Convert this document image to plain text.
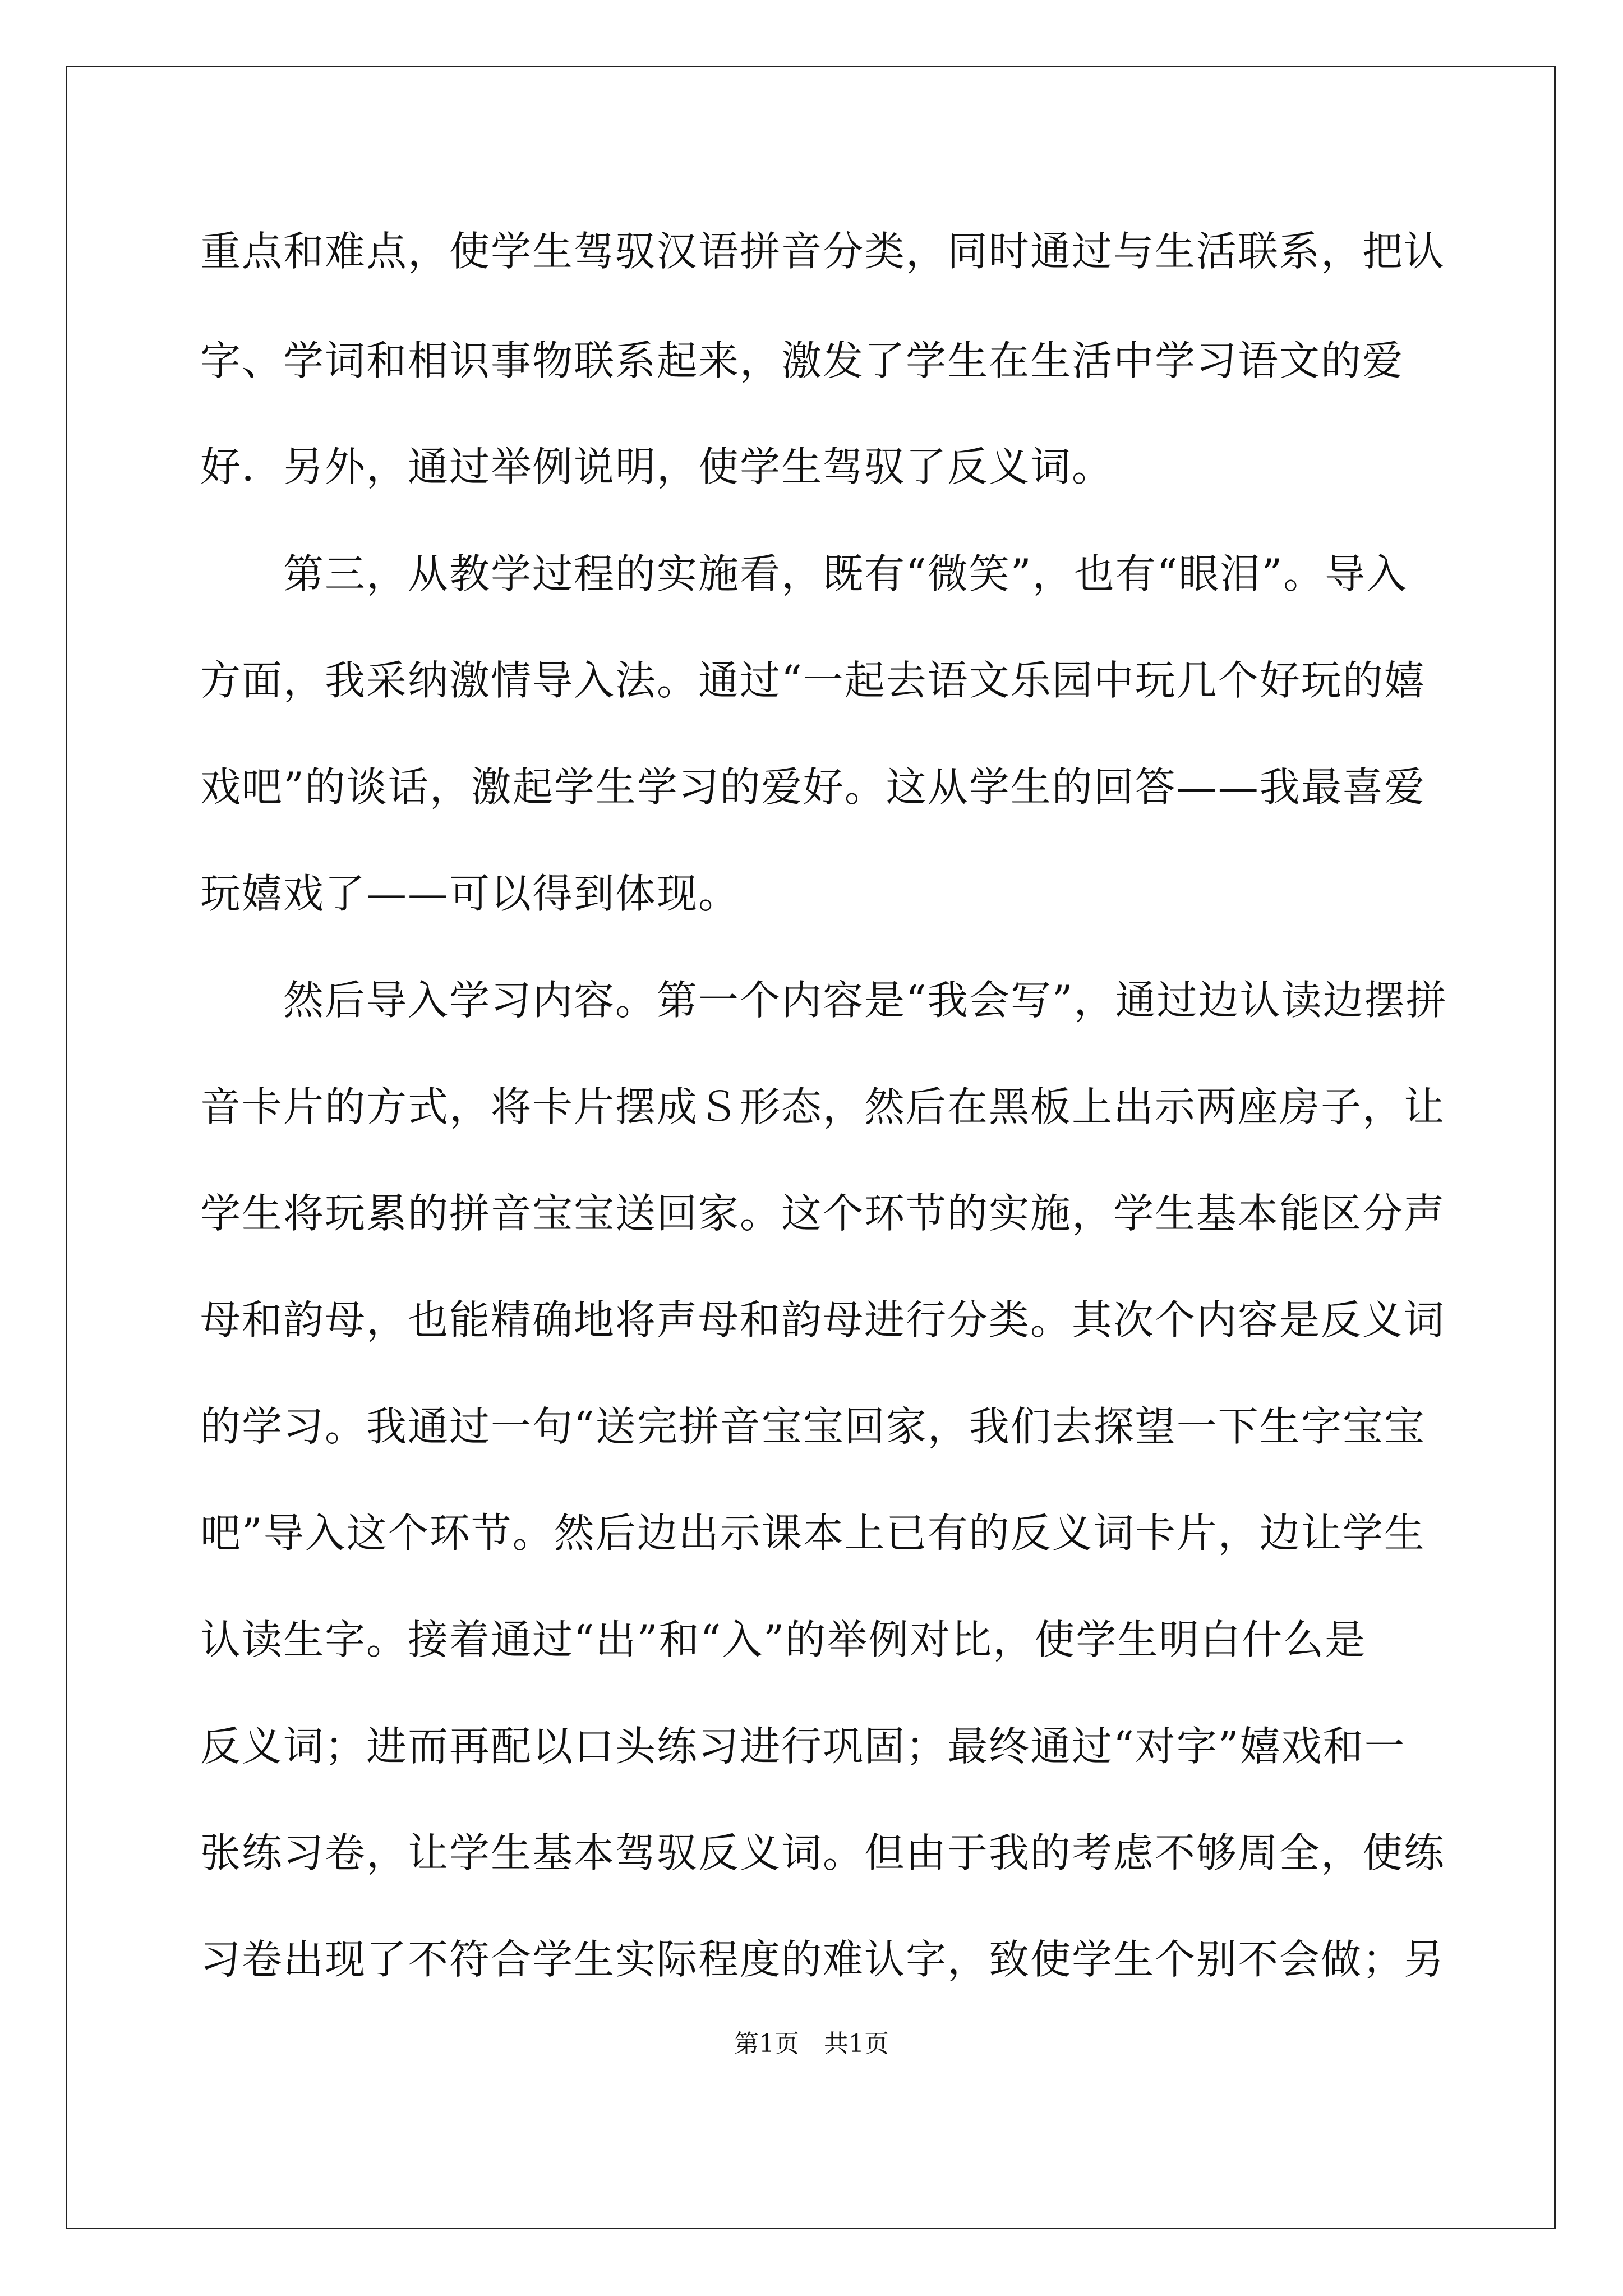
重点和难点，使学生驾驭汉语拼音分类，同时通过与生活联系，把认
字、学词和相识事物联系起来，激发了学生在生活中学习语文的爱
好．另外，通过举例说明，使学生驾驭了反义词。
　　第三，从教学过程的实施看，既有“微笑”，也有“眼泪”。导入
方面，我采纳激情导入法。通过“一起去语文乐园中玩几个好玩的嬉
戏吧”的谈话，激起学生学习的爱好。这从学生的回答——我最喜爱
玩嬉戏了——可以得到体现。
　　然后导入学习内容。第一个内容是“我会写”，通过边认读边摆拼
音卡片的方式，将卡片摆成Ｓ形态，然后在黑板上出示两座房子，让
学生将玩累的拼音宝宝送回家。这个环节的实施，学生基本能区分声
母和韵母，也能精确地将声母和韵母进行分类。其次个内容是反义词
的学习。我通过一句“送完拼音宝宝回家，我们去探望一下生字宝宝
吧”导入这个环节。然后边出示课本上已有的反义词卡片，边让学生
认读生字。接着通过“出”和“入”的举例对比，使学生明白什么是
反义词；进而再配以口头练习进行巩固；最终通过“对字”嬉戏和一
张练习卷，让学生基本驾驭反义词。但由于我的考虑不够周全，使练
习卷出现了不符合学生实际程度的难认字，致使学生个别不会做；另
第1页　共1页
